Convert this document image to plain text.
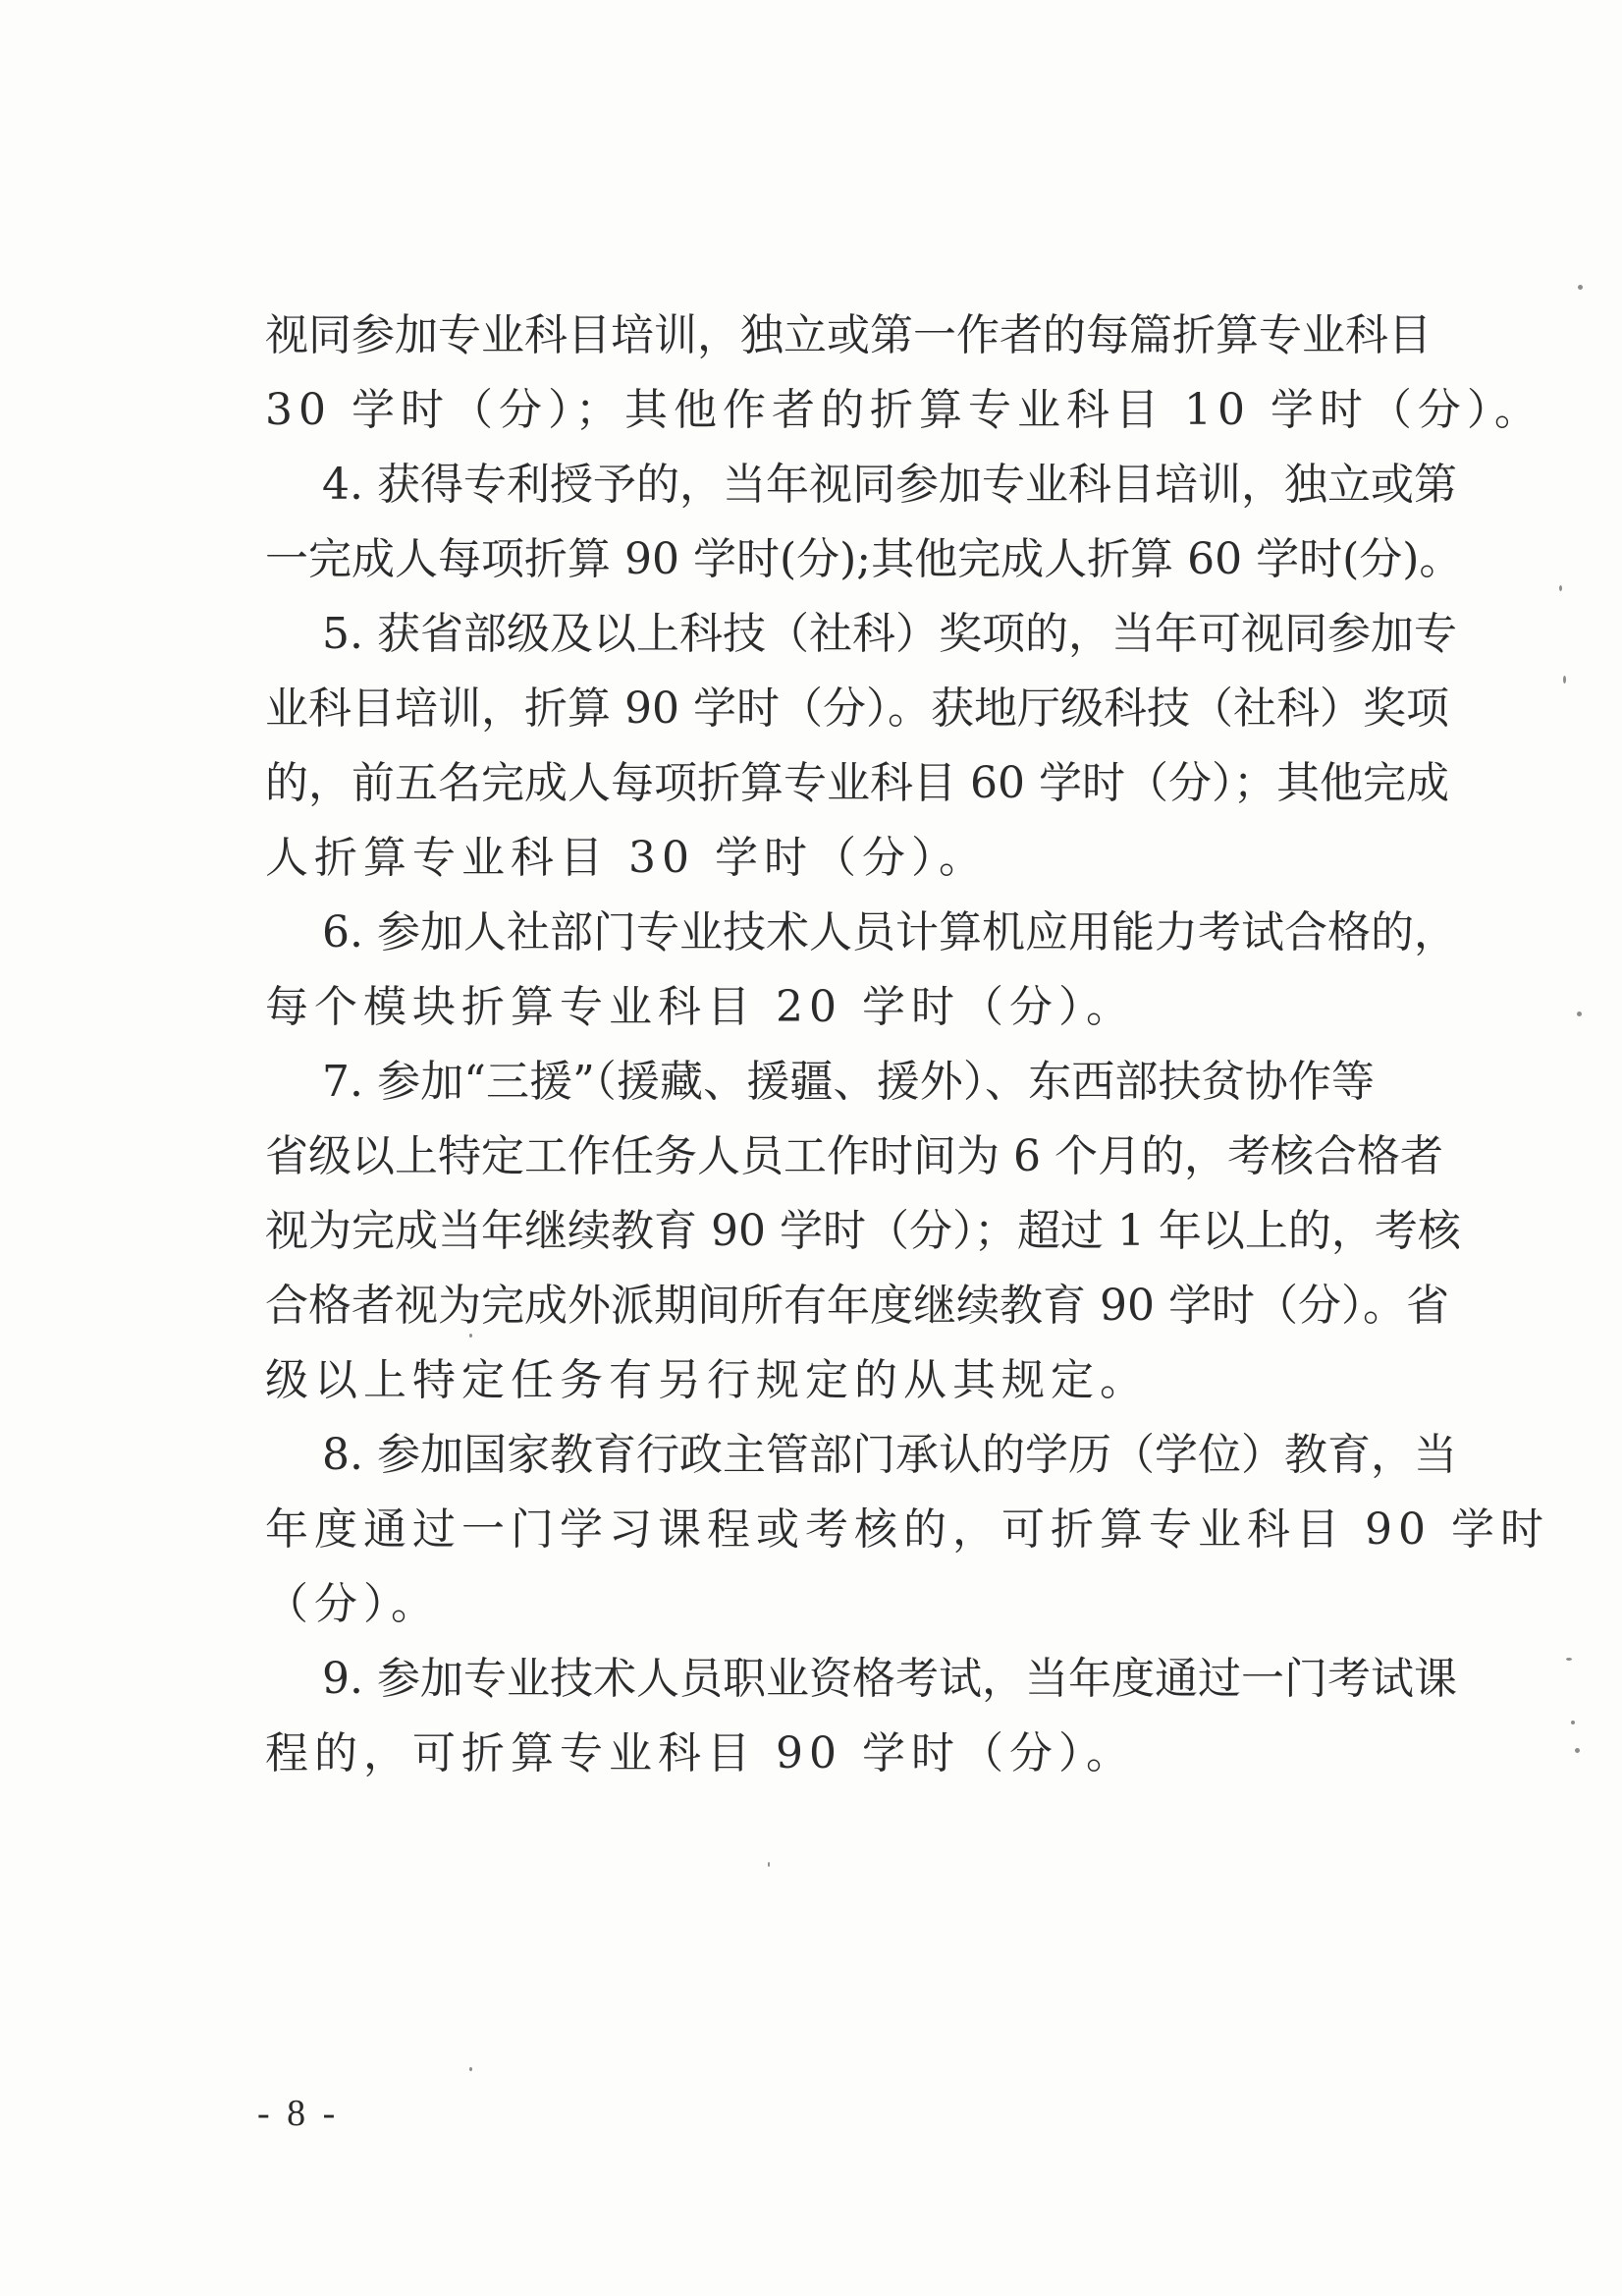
视同参加专业科目培训，独立或第一作者的每篇折算专业科目
30 学时（分）；其他作者的折算专业科目 10 学时（分）。
4. 获得专利授予的，当年视同参加专业科目培训，独立或第
一完成人每项折算 90 学时(分);其他完成人折算 60 学时(分)。
5. 获省部级及以上科技（社科）奖项的，当年可视同参加专
业科目培训，折算 90 学时（分）。获地厅级科技（社科）奖项
的，前五名完成人每项折算专业科目 60 学时（分）；其他完成
人折算专业科目 30 学时（分）。
6. 参加人社部门专业技术人员计算机应用能力考试合格的，
每个模块折算专业科目 20 学时（分）。
7. 参加“三援”（援藏、援疆、援外）、东西部扶贫协作等
省级以上特定工作任务人员工作时间为 6 个月的，考核合格者
视为完成当年继续教育 90 学时（分）；超过 1 年以上的，考核
合格者视为完成外派期间所有年度继续教育 90 学时（分）。省
级以上特定任务有另行规定的从其规定。
8. 参加国家教育行政主管部门承认的学历（学位）教育，当
年度通过一门学习课程或考核的，可折算专业科目 90 学时
（分）。
9. 参加专业技术人员职业资格考试，当年度通过一门考试课
程的，可折算专业科目 90 学时（分）。
- 8 -
